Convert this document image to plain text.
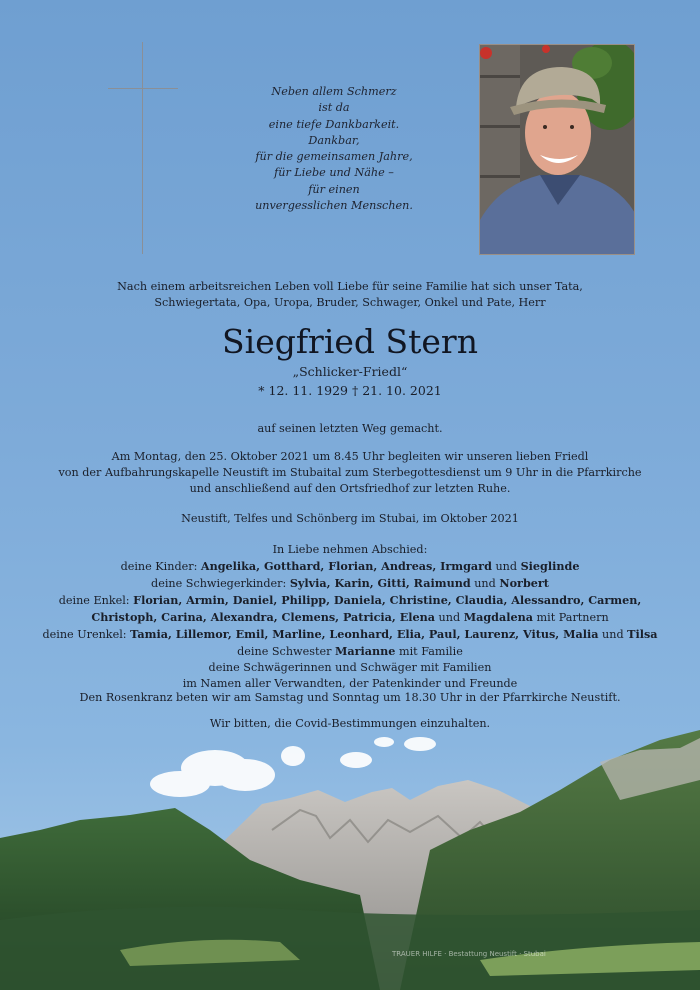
Neben allem Schmerz
ist da
eine tiefe Dankbarkeit.
Dankbar,
für die gemeinsamen Jahre,
für Liebe und Nähe –
für einen
unvergesslichen Menschen.
Nach einem arbeitsreichen Leben voll Liebe für seine Familie hat sich unser Tata,
Schwiegertata, Opa, Uropa, Bruder, Schwager, Onkel und Pate, Herr
Siegfried Stern
„Schlicker-Friedl“
* 12. 11. 1929 † 21. 10. 2021
auf seinen letzten Weg gemacht.
Am Montag, den 25. Oktober 2021 um 8.45 Uhr begleiten wir unseren lieben Friedl
von der Aufbahrungskapelle Neustift im Stubaital zum Sterbegottesdienst um 9 Uhr in die Pfarrkirche
und anschließend auf den Ortsfriedhof zur letzten Ruhe.
Neustift, Telfes und Schönberg im Stubai, im Oktober 2021
In Liebe nehmen Abschied:
deine Kinder: Angelika, Gotthard, Florian, Andreas, Irmgard und Sieglinde
deine Schwiegerkinder: Sylvia, Karin, Gitti, Raimund und Norbert
deine Enkel: Florian, Armin, Daniel, Philipp, Daniela, Christine, Claudia, Alessandro, Carmen,
Christoph, Carina, Alexandra, Clemens, Patricia, Elena und Magdalena mit Partnern
deine Urenkel: Tamia, Lillemor, Emil, Marline, Leonhard, Elia, Paul, Laurenz, Vitus, Malia und Tilsa
deine Schwester Marianne mit Familie
deine Schwägerinnen und Schwäger mit Familien
im Namen aller Verwandten, der Patenkinder und Freunde
Den Rosenkranz beten wir am Samstag und Sonntag um 18.30 Uhr in der Pfarrkirche Neustift.
Wir bitten, die Covid-Bestimmungen einzuhalten.
TRAUER HILFE · Bestattung Neustift · Stubai
